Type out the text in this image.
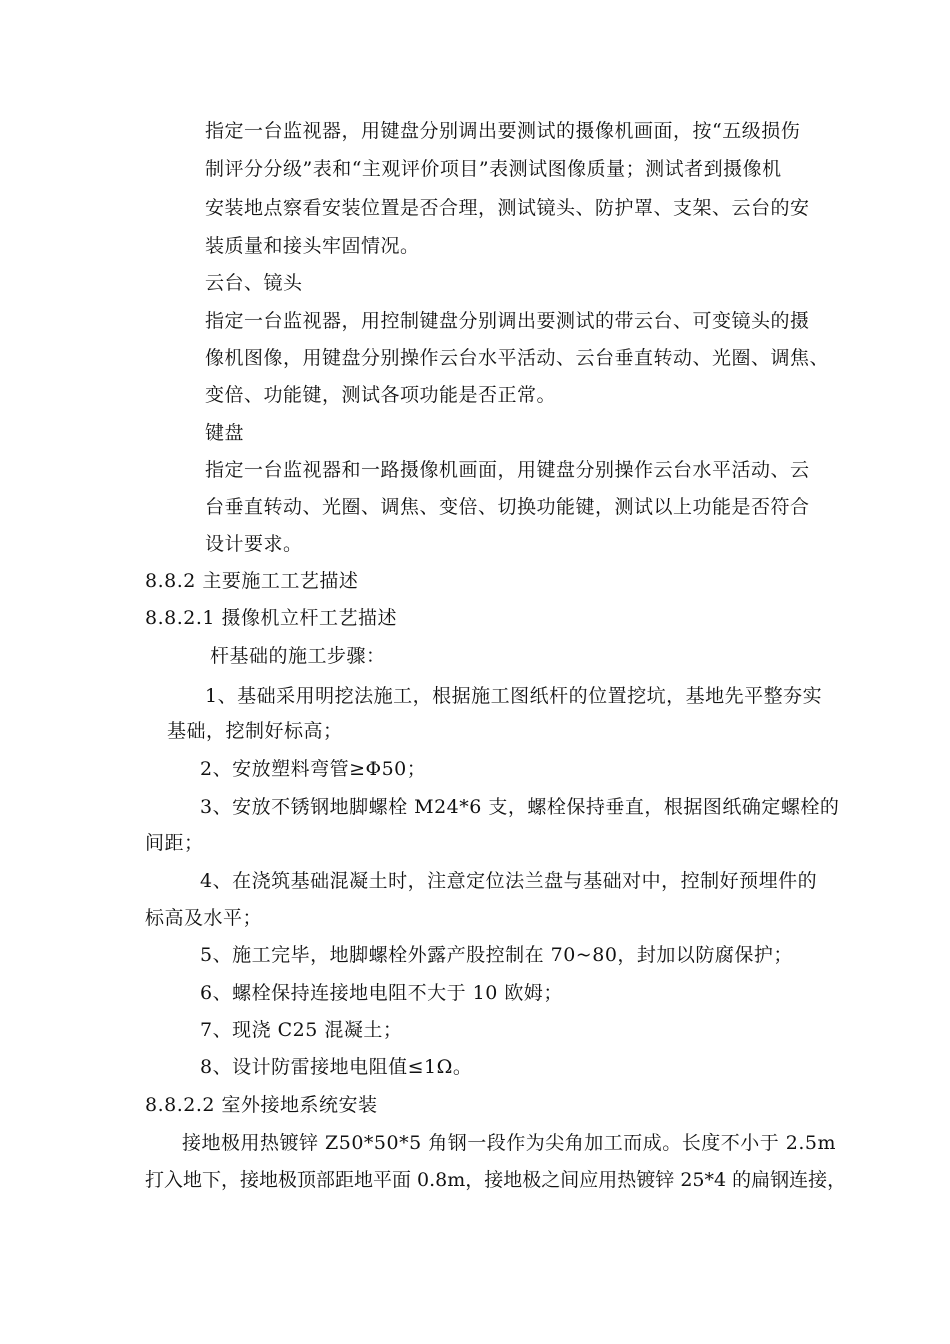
指定一台监视器，用键盘分别调出要测试的摄像机画面，按“五级损伤
制评分分级”表和“主观评价项目”表测试图像质量；测试者到摄像机
安装地点察看安装位置是否合理，测试镜头、防护罩、支架、云台的安
装质量和接头牢固情况。
云台、镜头
指定一台监视器，用控制键盘分别调出要测试的带云台、可变镜头的摄
像机图像，用键盘分别操作云台水平活动、云台垂直转动、光圈、调焦、
变倍、功能键，测试各项功能是否正常。
键盘
指定一台监视器和一路摄像机画面，用键盘分别操作云台水平活动、云
台垂直转动、光圈、调焦、变倍、切换功能键，测试以上功能是否符合
设计要求。
8.8.2 主要施工工艺描述
8.8.2.1 摄像机立杆工艺描述
杆基础的施工步骤：
1、基础采用明挖法施工，根据施工图纸杆的位置挖坑，基地先平整夯实
基础，挖制好标高；
2、安放塑料弯管≥Φ50；
3、安放不锈钢地脚螺栓 M24*6 支，螺栓保持垂直，根据图纸确定螺栓的
间距；
4、在浇筑基础混凝土时，注意定位法兰盘与基础对中，控制好预埋件的
标高及水平；
5、施工完毕，地脚螺栓外露产股控制在 70~80，封加以防腐保护；
6、螺栓保持连接地电阻不大于 10 欧姆；
7、现浇 C25 混凝土；
8、设计防雷接地电阻值≤1Ω。
8.8.2.2 室外接地系统安装
接地极用热镀锌 Z50*50*5 角钢一段作为尖角加工而成。长度不小于 2.5m
打入地下，接地极顶部距地平面 0.8m，接地极之间应用热镀锌 25*4 的扁钢连接，
